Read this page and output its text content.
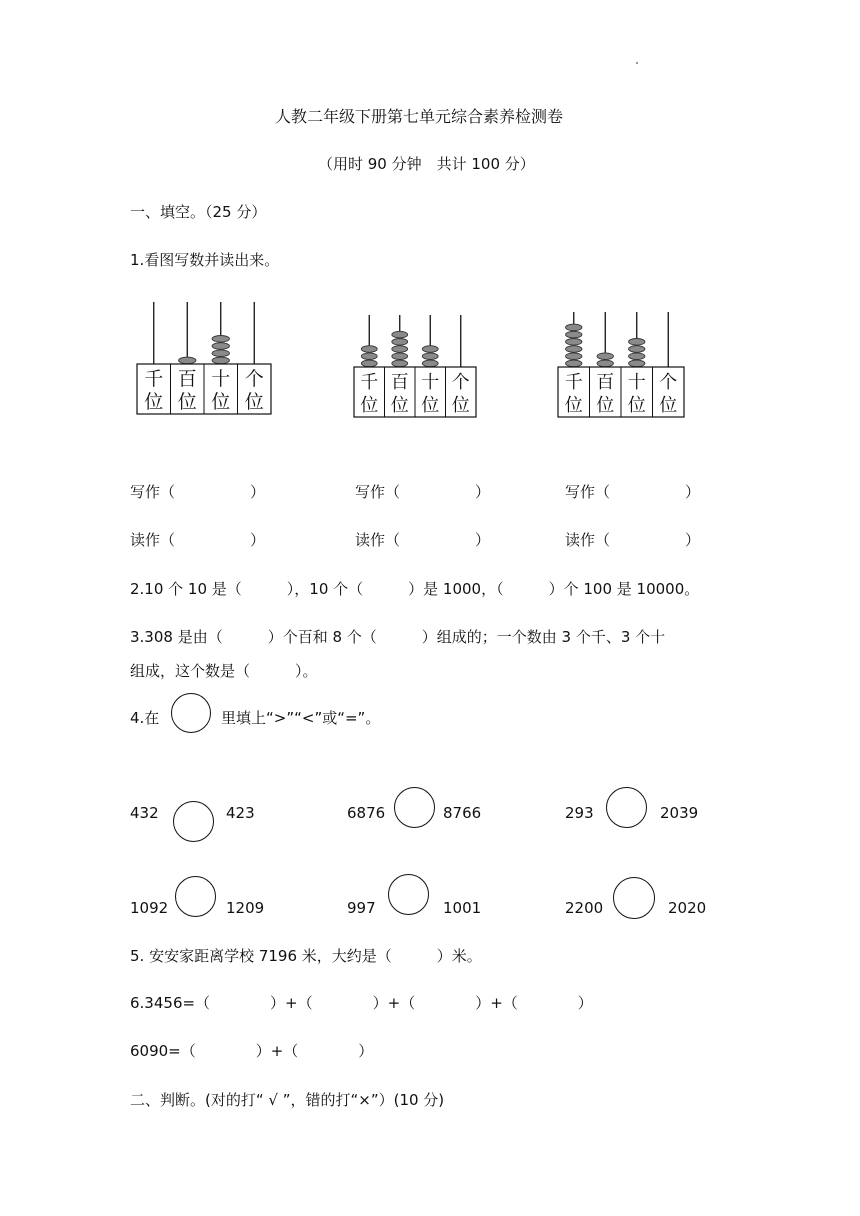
人教二年级下册第七单元综合素养检测卷
（用时 90 分钟　共计 100 分）
一、填空。（25 分）
1.看图写数并读出来。
千
位
百
位
十
位
个
位
千
位
百
位
十
位
个
位
千
位
百
位
十
位
个
位
写作（　　　　　）	写作（　　　　　）	写作（　　　　　）
读作（　　　　　）	读作（　　　　　）	读作（　　　　　）
2.10 个 10 是（　　　），10 个（　　　）是 1000，（　　　）个 100 是 10000。
3.308 是由（　　　）个百和 8 个（　　　）组成的；一个数由 3 个千、3 个十
组成，这个数是（　　　）。
4.在	里填上“>”“<”或“=”。
432	423	6876	8766	293	2039
1092	1209	997	1001	2200	2020
5. 安安家距离学校 7196 米，大约是（　　　）米。
6.3456=（　　　　）+（　　　　）+（　　　　）+（　　　　）
6090=（　　　　）+（　　　　）
二、判断。(对的打“ √ ”，错的打“×”）(10 分)
